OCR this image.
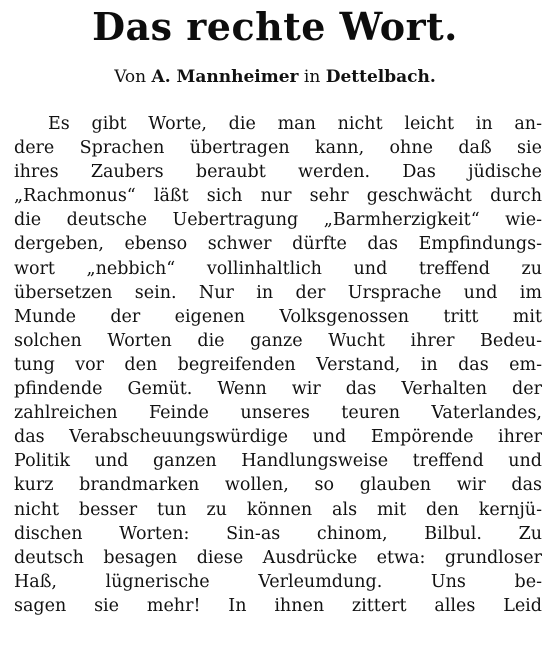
Das rechte Wort.
Von A. Mannheimer in Dettelbach.
Es gibt Worte, die man nicht leicht in an-
dere Sprachen übertragen kann, ohne daß sie
ihres Zaubers beraubt werden. Das jüdische
„Rachmonus“ läßt sich nur sehr geschwächt durch
die deutsche Uebertragung „Barmherzigkeit“ wie-
dergeben, ebenso schwer dürfte das Empfindungs-
wort „nebbich“ vollinhaltlich und treffend zu
übersetzen sein. Nur in der Ursprache und im
Munde der eigenen Volksgenossen tritt mit
solchen Worten die ganze Wucht ihrer Bedeu-
tung vor den begreifenden Verstand, in das em-
pfindende Gemüt. Wenn wir das Verhalten der
zahlreichen Feinde unseres teuren Vaterlandes,
das Verabscheuungswürdige und Empörende ihrer
Politik und ganzen Handlungsweise treffend und
kurz brandmarken wollen, so glauben wir das
nicht besser tun zu können als mit den kernjü-
dischen Worten: Sin-as chinom, Bilbul. Zu
deutsch besagen diese Ausdrücke etwa: grundloser
Haß, lügnerische Verleumdung. Uns be-
sagen sie mehr! In ihnen zittert alles Leid
